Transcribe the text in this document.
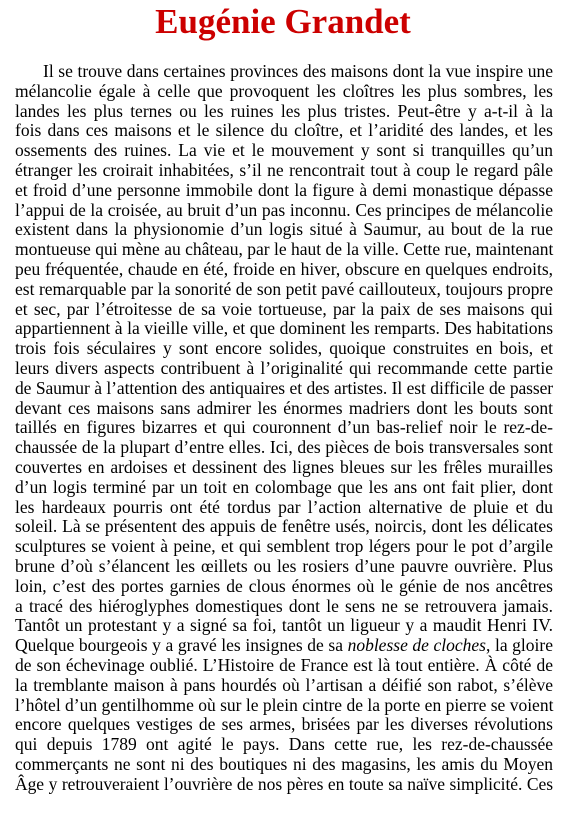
Eugénie Grandet
Il se trouve dans certaines provinces des maisons dont la vue inspire une
mélancolie égale à celle que provoquent les cloîtres les plus sombres, les
landes les plus ternes ou les ruines les plus tristes. Peut-être y a-t-il à la
fois dans ces maisons et le silence du cloître, et l’aridité des landes, et les
ossements des ruines. La vie et le mouvement y sont si tranquilles qu’un
étranger les croirait inhabitées, s’il ne rencontrait tout à coup le regard pâle
et froid d’une personne immobile dont la figure à demi monastique dépasse
l’appui de la croisée, au bruit d’un pas inconnu. Ces principes de mélancolie
existent dans la physionomie d’un logis situé à Saumur, au bout de la rue
montueuse qui mène au château, par le haut de la ville. Cette rue, maintenant
peu fréquentée, chaude en été, froide en hiver, obscure en quelques endroits,
est remarquable par la sonorité de son petit pavé caillouteux, toujours propre
et sec, par l’étroitesse de sa voie tortueuse, par la paix de ses maisons qui
appartiennent à la vieille ville, et que dominent les remparts. Des habitations
trois fois séculaires y sont encore solides, quoique construites en bois, et
leurs divers aspects contribuent à l’originalité qui recommande cette partie
de Saumur à l’attention des antiquaires et des artistes. Il est difficile de passer
devant ces maisons sans admirer les énormes madriers dont les bouts sont
taillés en figures bizarres et qui couronnent d’un bas-relief noir le rez-de-
chaussée de la plupart d’entre elles. Ici, des pièces de bois transversales sont
couvertes en ardoises et dessinent des lignes bleues sur les frêles murailles
d’un logis terminé par un toit en colombage que les ans ont fait plier, dont
les hardeaux pourris ont été tordus par l’action alternative de pluie et du
soleil. Là se présentent des appuis de fenêtre usés, noircis, dont les délicates
sculptures se voient à peine, et qui semblent trop légers pour le pot d’argile
brune d’où s’élancent les œillets ou les rosiers d’une pauvre ouvrière. Plus
loin, c’est des portes garnies de clous énormes où le génie de nos ancêtres
a tracé des hiéroglyphes domestiques dont le sens ne se retrouvera jamais.
Tantôt un protestant y a signé sa foi, tantôt un ligueur y a maudit Henri IV.
Quelque bourgeois y a gravé les insignes de sa noblesse de cloches, la gloire
de son échevinage oublié. L’Histoire de France est là tout entière. À côté de
la tremblante maison à pans hourdés où l’artisan a déifié son rabot, s’élève
l’hôtel d’un gentilhomme où sur le plein cintre de la porte en pierre se voient
encore quelques vestiges de ses armes, brisées par les diverses révolutions
qui depuis 1789 ont agité le pays. Dans cette rue, les rez-de-chaussée
commerçants ne sont ni des boutiques ni des magasins, les amis du Moyen
Âge y retrouveraient l’ouvrière de nos pères en toute sa naïve simplicité. Ces
